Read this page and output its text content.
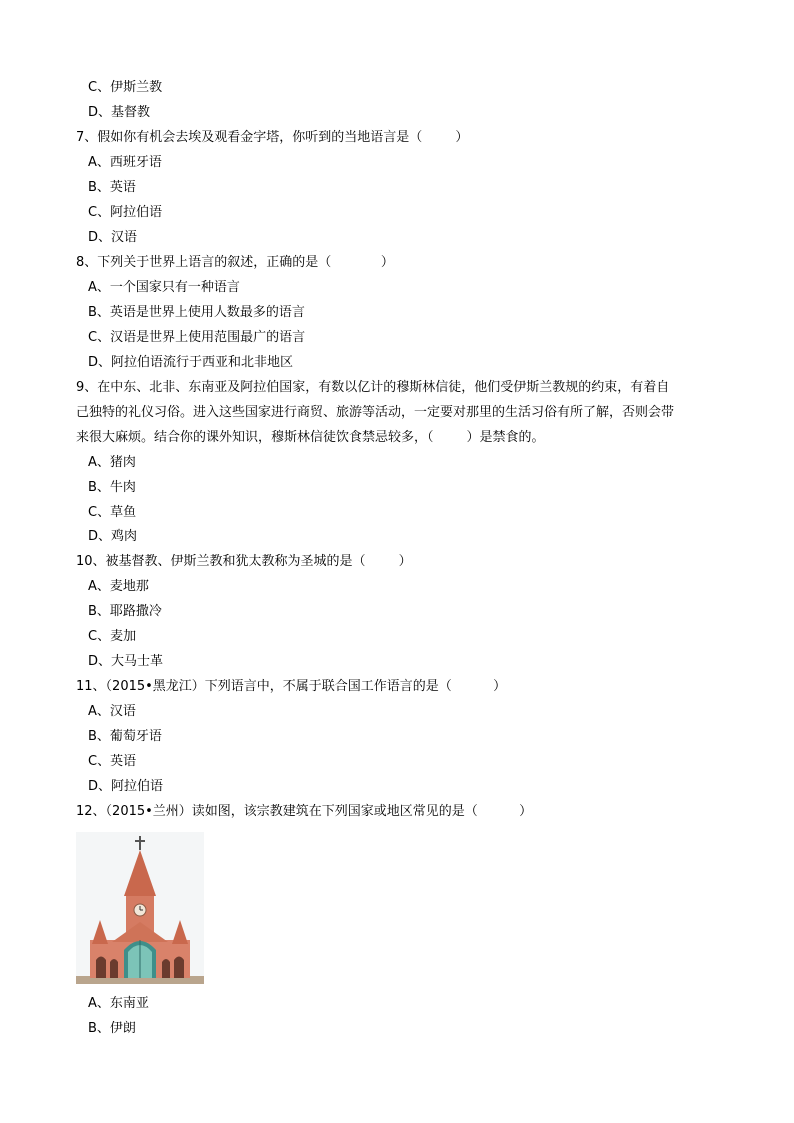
C、伊斯兰教
D、基督教
7、假如你有机会去埃及观看金字塔，你听到的当地语言是（        ）
A、西班牙语
B、英语
C、阿拉伯语
D、汉语
8、下列关于世界上语言的叙述，正确的是（            ）
A、一个国家只有一种语言
B、英语是世界上使用人数最多的语言
C、汉语是世界上使用范围最广的语言
D、阿拉伯语流行于西亚和北非地区
9、在中东、北非、东南亚及阿拉伯国家，有数以亿计的穆斯林信徒，他们受伊斯兰教规的约束，有着自
己独特的礼仪习俗。进入这些国家进行商贸、旅游等活动，一定要对那里的生活习俗有所了解，否则会带
来很大麻烦。结合你的课外知识，穆斯林信徒饮食禁忌较多，（        ）是禁食的。
A、猪肉
B、牛肉
C、草鱼
D、鸡肉
10、被基督教、伊斯兰教和犹太教称为圣城的是（        ）
A、麦地那
B、耶路撒冷
C、麦加
D、大马士革
11、（2015•黑龙江）下列语言中，不属于联合国工作语言的是（          ）
A、汉语
B、葡萄牙语
C、英语
D、阿拉伯语
12、（2015•兰州）读如图，该宗教建筑在下列国家或地区常见的是（          ）
A、东南亚
B、伊朗
